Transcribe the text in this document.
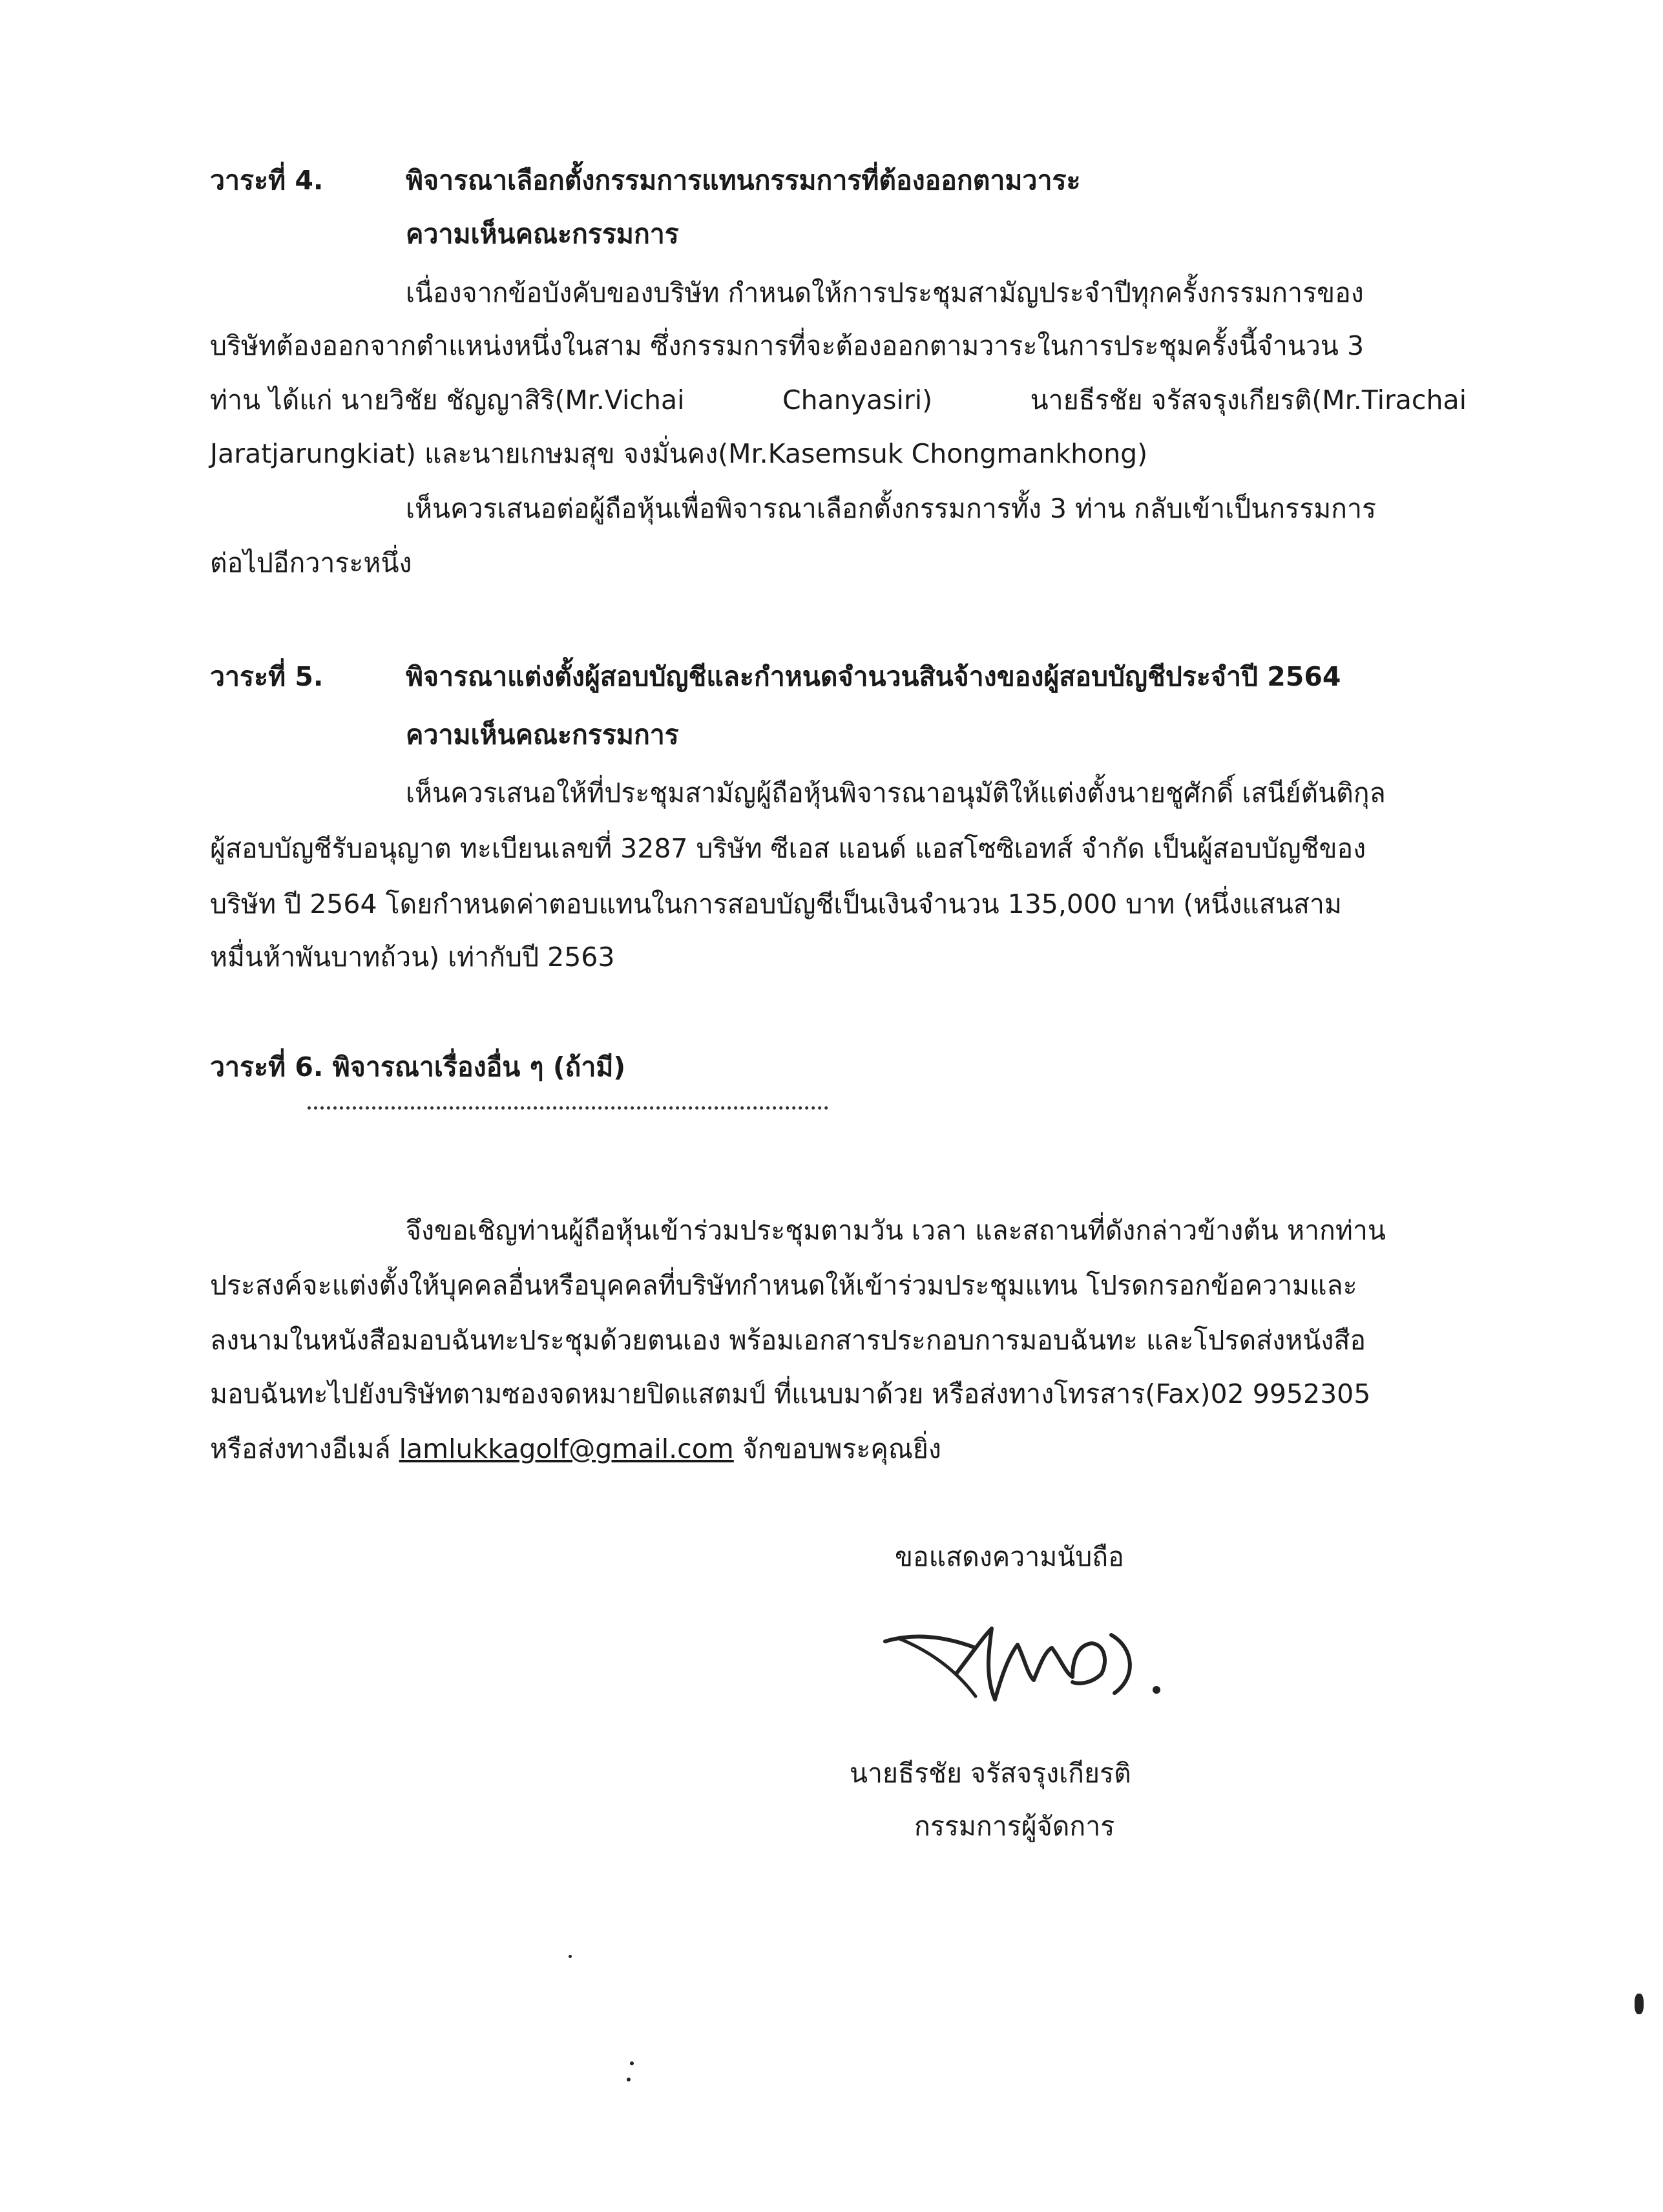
วาระที่ 4.	พิจารณาเลือกตั้งกรรมการแทนกรรมการที่ต้องออกตามวาระ
ความเห็นคณะกรรมการ
เนื่องจากข้อบังคับของบริษัท กำหนดให้การประชุมสามัญประจำปีทุกครั้งกรรมการของ
บริษัทต้องออกจากตำแหน่งหนึ่งในสาม ซึ่งกรรมการที่จะต้องออกตามวาระในการประชุมครั้งนี้จำนวน 3
ท่าน ได้แก่ นายวิชัย ชัญญาสิริ(Mr.Vichai	Chanyasiri)	นายธีรชัย จรัสจรุงเกียรติ(Mr.Tirachai
Jaratjarungkiat) และนายเกษมสุข จงมั่นคง(Mr.Kasemsuk Chongmankhong)
เห็นควรเสนอต่อผู้ถือหุ้นเพื่อพิจารณาเลือกตั้งกรรมการทั้ง 3 ท่าน กลับเข้าเป็นกรรมการ
ต่อไปอีกวาระหนึ่ง
วาระที่ 5.	พิจารณาแต่งตั้งผู้สอบบัญชีและกำหนดจำนวนสินจ้างของผู้สอบบัญชีประจำปี 2564
ความเห็นคณะกรรมการ
เห็นควรเสนอให้ที่ประชุมสามัญผู้ถือหุ้นพิจารณาอนุมัติให้แต่งตั้งนายชูศักดิ์ เสนีย์ตันติกุล
ผู้สอบบัญชีรับอนุญาต ทะเบียนเลขที่ 3287 บริษัท ซีเอส แอนด์ แอสโซซิเอทส์ จำกัด เป็นผู้สอบบัญชีของ
บริษัท ปี 2564 โดยกำหนดค่าตอบแทนในการสอบบัญชีเป็นเงินจำนวน 135,000 บาท (หนึ่งแสนสาม
หมื่นห้าพันบาทถ้วน) เท่ากับปี 2563
วาระที่ 6. พิจารณาเรื่องอื่น ๆ (ถ้ามี)
จึงขอเชิญท่านผู้ถือหุ้นเข้าร่วมประชุมตามวัน เวลา และสถานที่ดังกล่าวข้างต้น หากท่าน
ประสงค์จะแต่งตั้งให้บุคคลอื่นหรือบุคคลที่บริษัทกำหนดให้เข้าร่วมประชุมแทน โปรดกรอกข้อความและ
ลงนามในหนังสือมอบฉันทะประชุมด้วยตนเอง พร้อมเอกสารประกอบการมอบฉันทะ และโปรดส่งหนังสือ
มอบฉันทะไปยังบริษัทตามซองจดหมายปิดแสตมป์ ที่แนบมาด้วย หรือส่งทางโทรสาร(Fax)02 9952305
หรือส่งทางอีเมล์ lamlukkagolf@gmail.com จักขอบพระคุณยิ่ง
ขอแสดงความนับถือ
นายธีรชัย จรัสจรุงเกียรติ
กรรมการผู้จัดการ
